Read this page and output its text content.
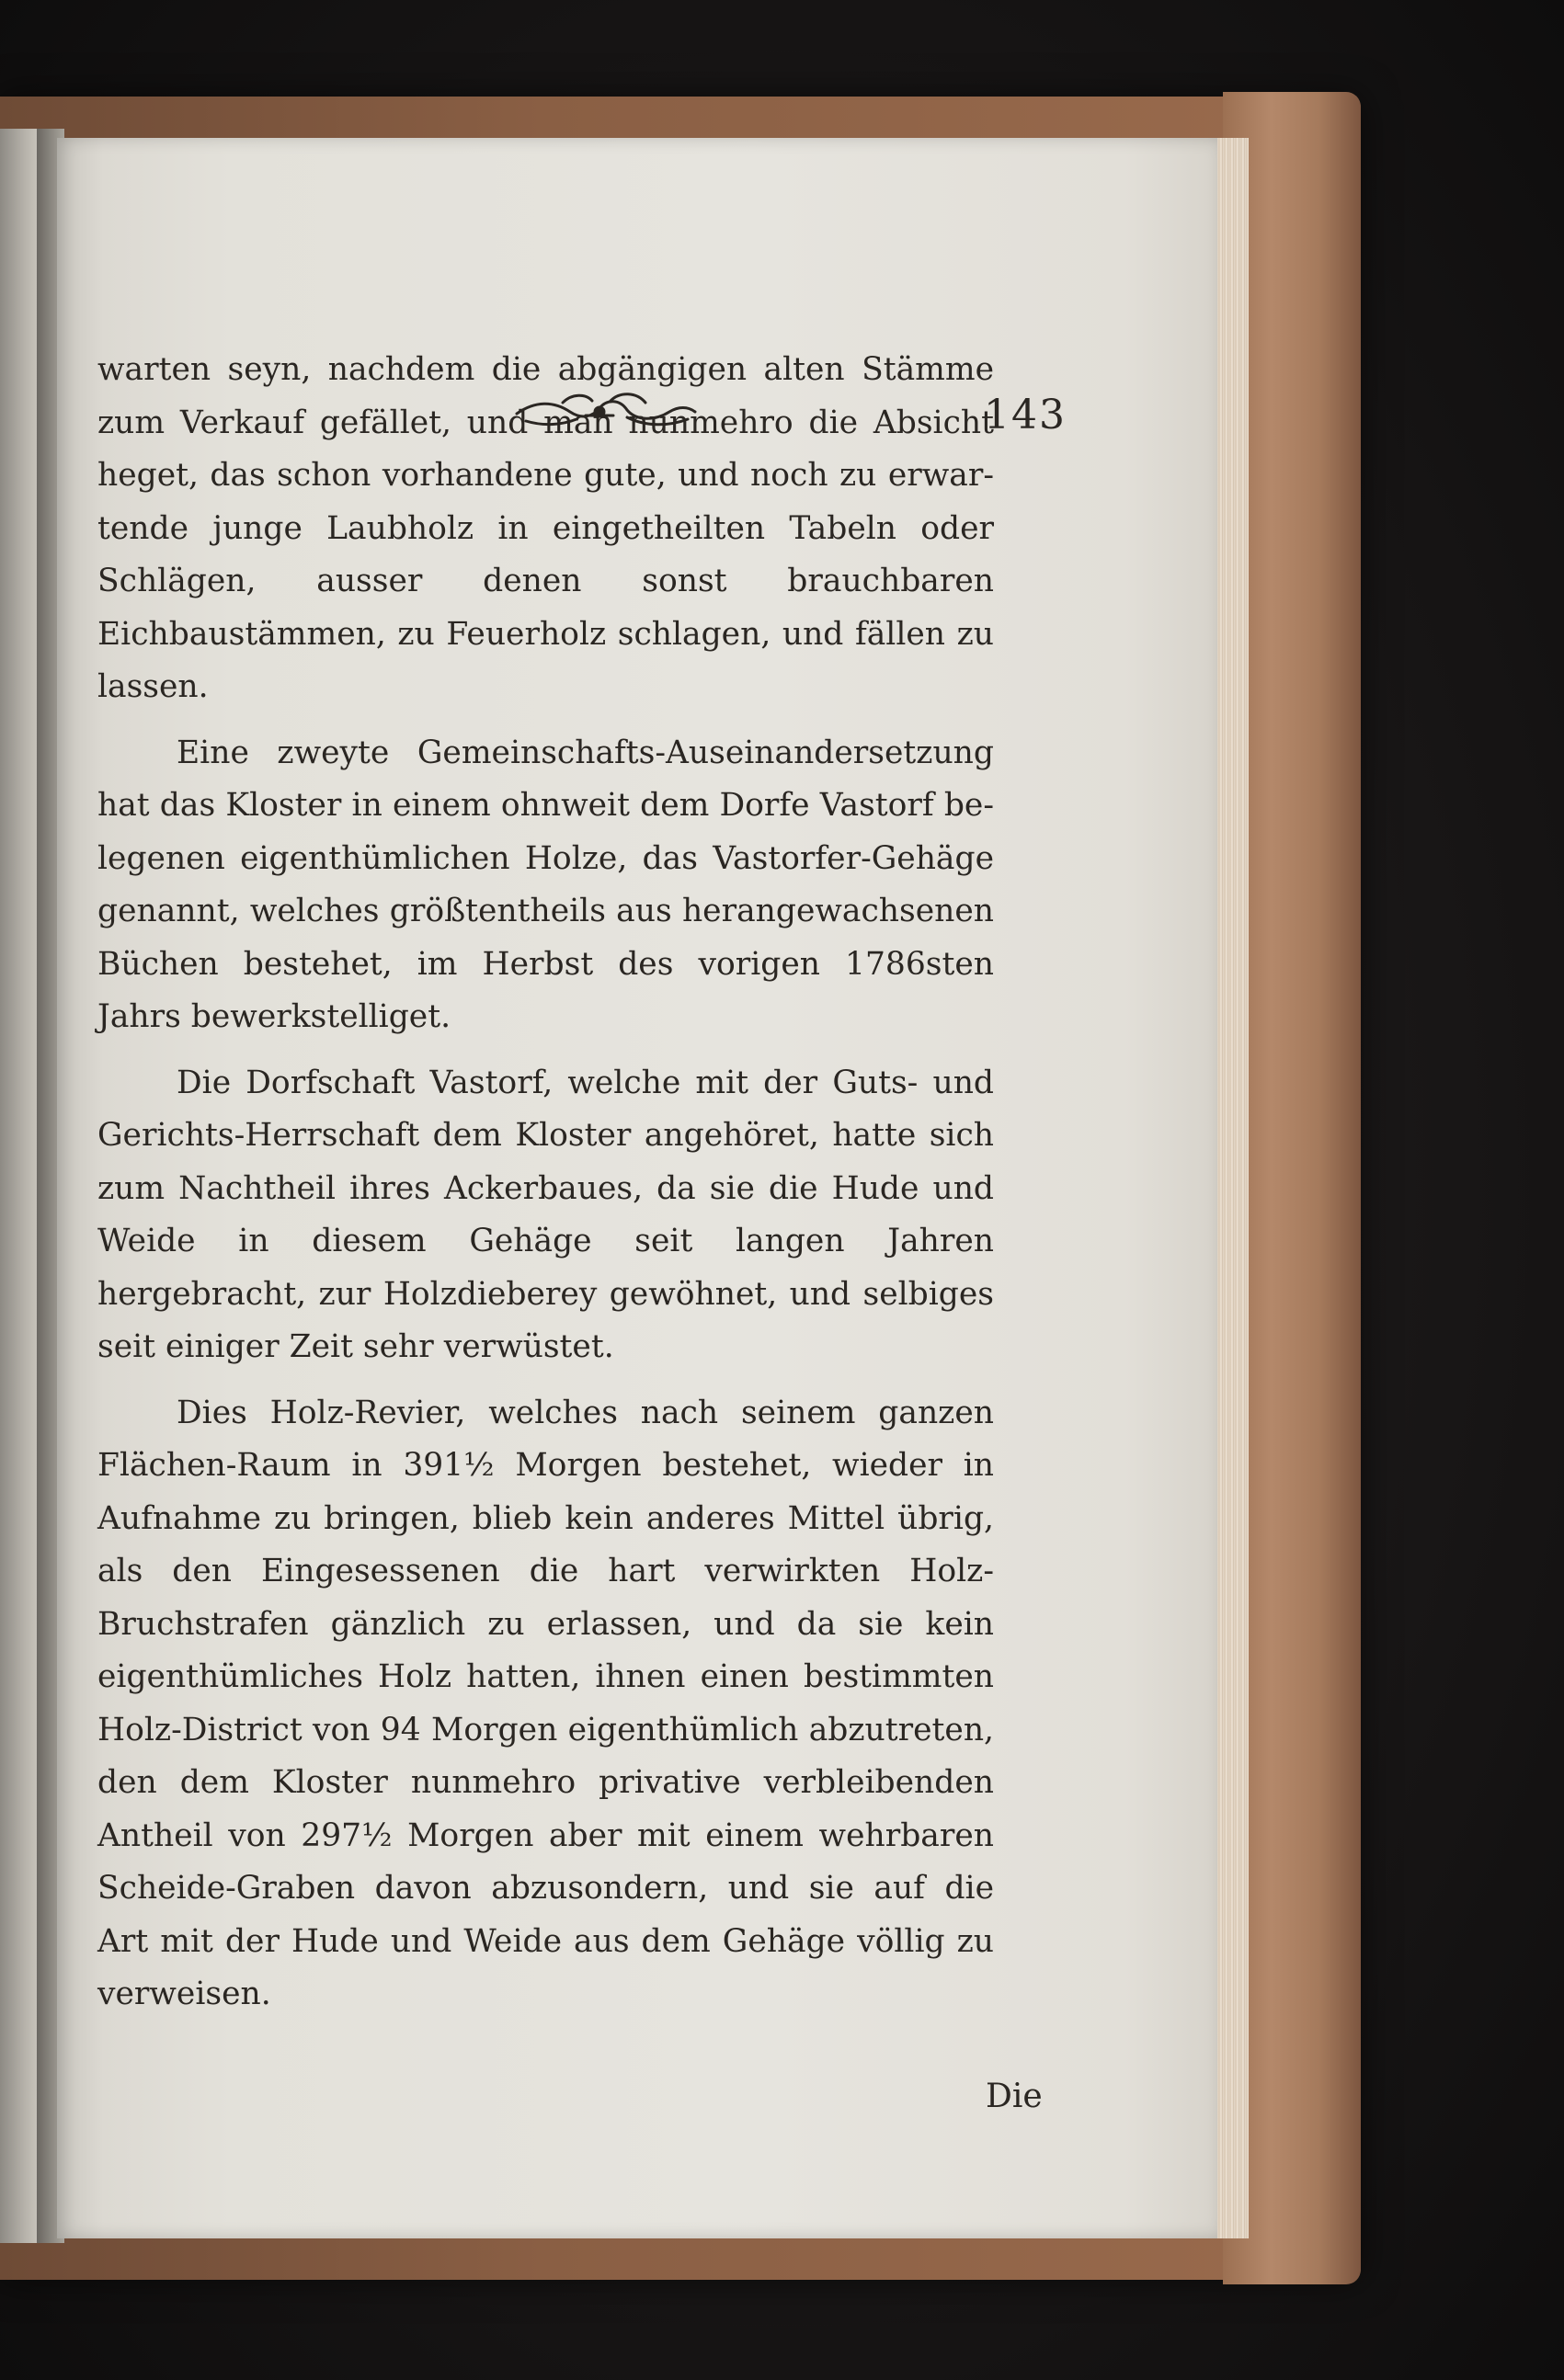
143

warten seyn, nachdem die abgängigen alten Stämme zum Verkauf gefället, und man nunmehro die Absicht heget, das schon vorhandene gute, und noch zu erwartende junge Laubholz in eingetheilten Tabeln oder Schlägen, ausser denen sonst brauchbaren Eichbaustämmen, zu Feuerholz schlagen, und fällen zu lassen.

Eine zweyte Gemeinschafts-Auseinandersetzung hat das Kloster in einem ohnweit dem Dorfe Vastorf belegenen eigenthümlichen Holze, das Vastorfer-Gehäge genannt, welches größtentheils aus herangewachsenen Büchen bestehet, im Herbst des vorigen 1786sten Jahrs bewerkstelliget.

Die Dorfschaft Vastorf, welche mit der Guts- und Gerichts-Herrschaft dem Kloster angehöret, hatte sich zum Nachtheil ihres Ackerbaues, da sie die Hude und Weide in diesem Gehäge seit langen Jahren hergebracht, zur Holzdieberey gewöhnet, und selbiges seit einiger Zeit sehr verwüstet.

Dies Holz-Revier, welches nach seinem ganzen Flächen-Raum in 391½ Morgen bestehet, wieder in Aufnahme zu bringen, blieb kein anderes Mittel übrig, als den Eingesessenen die hart verwirkten Holz-Bruchstrafen gänzlich zu erlassen, und da sie kein eigenthümliches Holz hatten, ihnen einen bestimmten Holz-District von 94 Morgen eigenthümlich abzutreten, den dem Kloster nunmehro privative verbleibenden Antheil von 297½ Morgen aber mit einem wehrbaren Scheide-Graben davon abzusondern, und sie auf die Art mit der Hude und Weide aus dem Gehäge völlig zu verweisen.

Die
